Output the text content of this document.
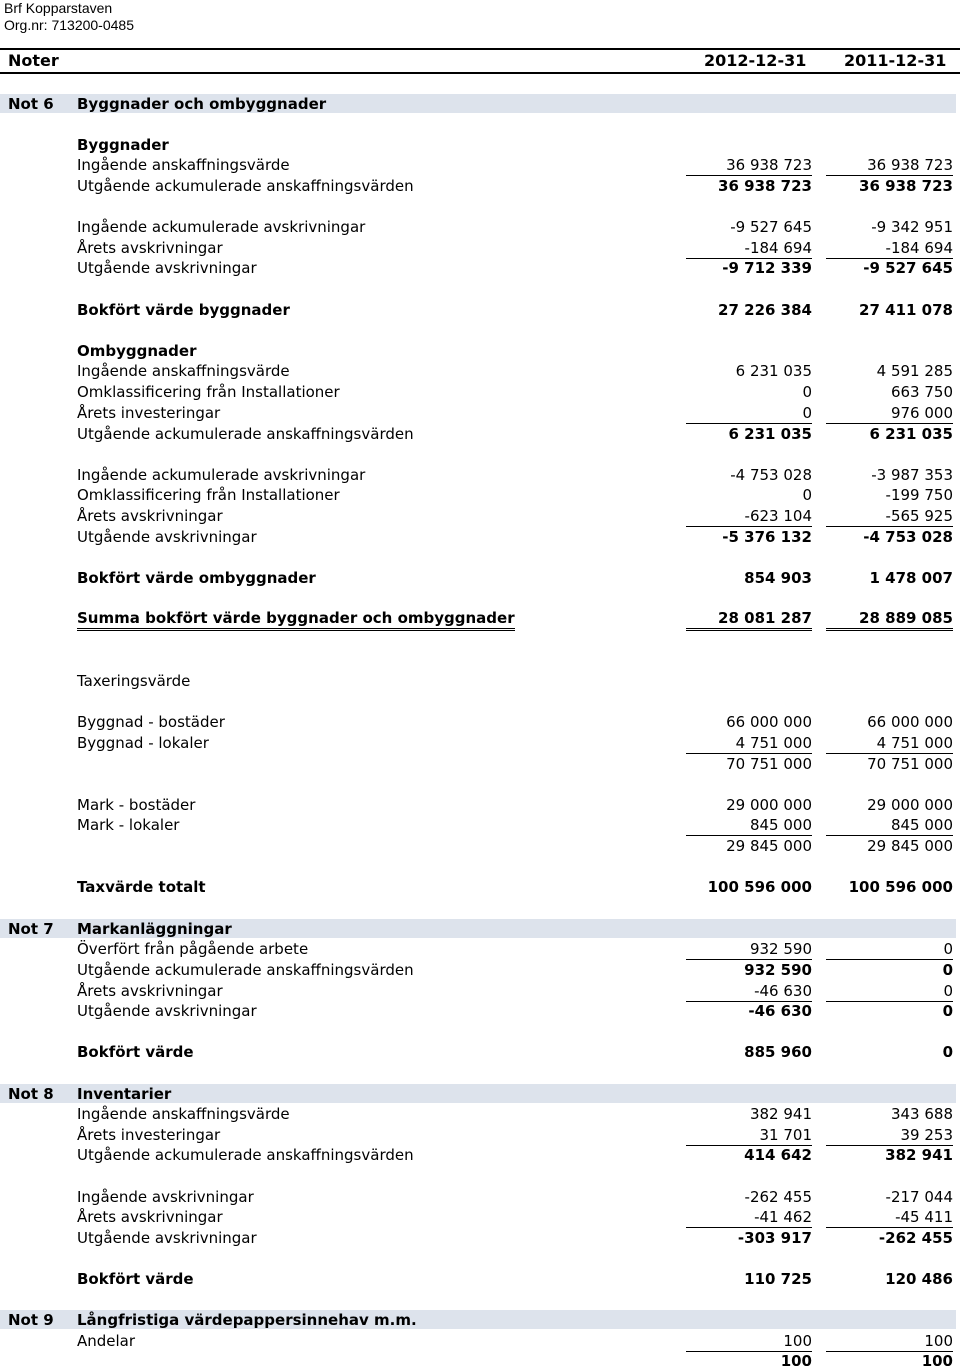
Brf Kopparstaven
Org.nr: 713200-0485
Noter	2012-12-31 2011-12-31
Not 6	Byggnader och ombyggnader
Byggnader
Ingående anskaffningsvärde	36 938 723	36 938 723
Utgående ackumulerade anskaffningsvärden	36 938 723	36 938 723
Ingående ackumulerade avskrivningar	-9 527 645	-9 342 951
Årets avskrivningar	-184 694	-184 694
Utgående avskrivningar	-9 712 339	-9 527 645
Bokfört värde byggnader	27 226 384	27 411 078
Ombyggnader
Ingående anskaffningsvärde	6 231 035	4 591 285
Omklassificering från Installationer	0	663 750
Årets investeringar	0	976 000
Utgående ackumulerade anskaffningsvärden	6 231 035	6 231 035
Ingående ackumulerade avskrivningar	-4 753 028	-3 987 353
Omklassificering från Installationer	0	-199 750
Årets avskrivningar	-623 104	-565 925
Utgående avskrivningar	-5 376 132	-4 753 028
Bokfört värde ombyggnader	854 903	1 478 007
Summa bokfört värde byggnader och ombyggnader	28 081 287	28 889 085
Taxeringsvärde
Byggnad - bostäder	66 000 000	66 000 000
Byggnad - lokaler	4 751 000	4 751 000
70 751 000	70 751 000
Mark - bostäder	29 000 000	29 000 000
Mark - lokaler	845 000	845 000
29 845 000	29 845 000
Taxvärde totalt	100 596 000	100 596 000
Not 7	Markanläggningar
Överfört från pågående arbete	932 590	0
Utgående ackumulerade anskaffningsvärden	932 590	0
Årets avskrivningar	-46 630	0
Utgående avskrivningar	-46 630	0
Bokfört värde	885 960	0
Not 8	Inventarier
Ingående anskaffningsvärde	382 941	343 688
Årets investeringar	31 701	39 253
Utgående ackumulerade anskaffningsvärden	414 642	382 941
Ingående avskrivningar	-262 455	-217 044
Årets avskrivningar	-41 462	-45 411
Utgående avskrivningar	-303 917	-262 455
Bokfört värde	110 725	120 486
Not 9	Långfristiga värdepappersinnehav m.m.
Andelar	100	100
100	100
